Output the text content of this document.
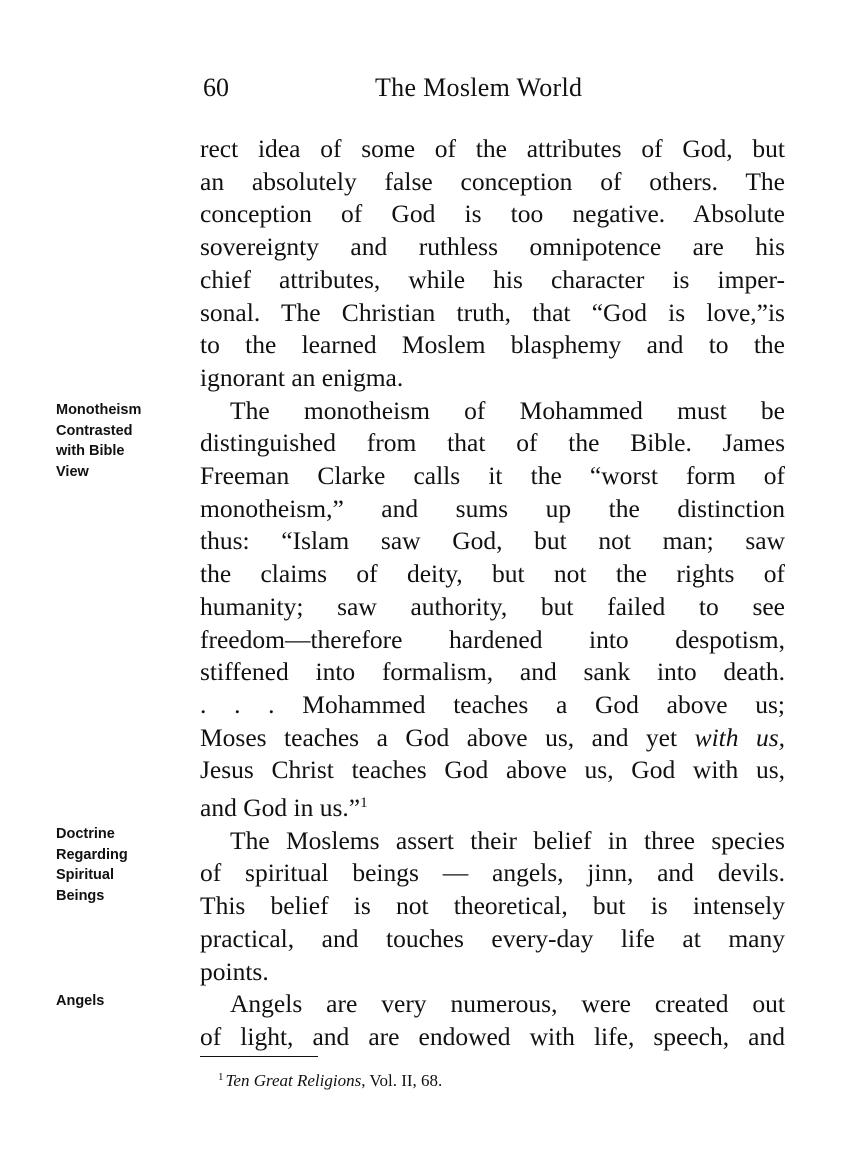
60	The Moslem World

rect idea of some of the attributes of God, but
an absolutely false conception of others. The
conception of God is too negative. Absolute
sovereignty and ruthless omnipotence are his
chief attributes, while his character is imper-
sonal. The Christian truth, that “God is love,”is
to the learned Moslem blasphemy and to the
ignorant an enigma.

The monotheism of Mohammed must be
distinguished from that of the Bible. James
Freeman Clarke calls it the “worst form of
monotheism,” and sums up the distinction
thus: “Islam saw God, but not man; saw
the claims of deity, but not the rights of
humanity; saw authority, but failed to see
freedom—therefore hardened into despotism,
stiffened into formalism, and sank into death.
. . . Mohammed teaches a God above us;
Moses teaches a God above us, and yet with us,
Jesus Christ teaches God above us, God with us,
and God in us.”$^1$

The Moslems assert their belief in three species
of spiritual beings — angels, jinn, and devils.
This belief is not theoretical, but is intensely
practical, and touches every-day life at many
points.

Angels are very numerous, were created out
of light, and are endowed with life, speech, and

Monotheism
Contrasted
with Bible
View
Doctrine
Regarding
Spiritual
Beings
Angels
$^1$ Ten Great Religions, Vol. II, 68.
